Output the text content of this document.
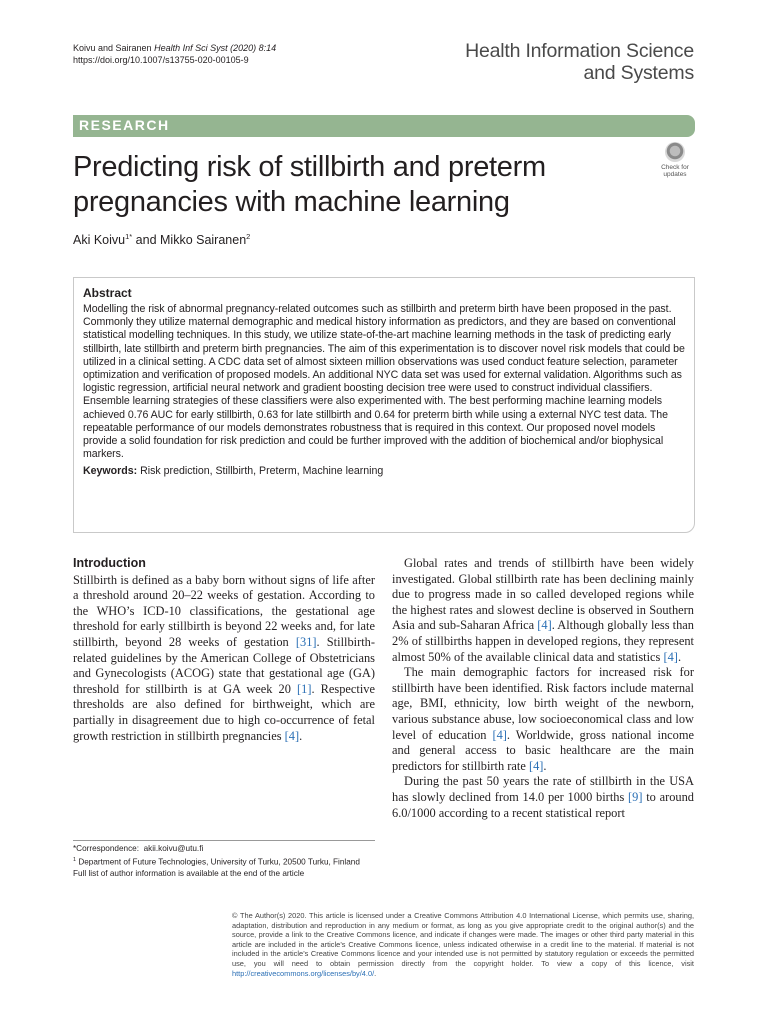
Koivu and Sairanen Health Inf Sci Syst (2020) 8:14
https://doi.org/10.1007/s13755-020-00105-9	Health Information Science
and Systems
RESEARCH
Predicting risk of stillbirth and preterm pregnancies with machine learning
Check for
updates
Aki Koivu$^{1*}$ and Mikko Sairanen$^2$
Abstract

Modelling the risk of abnormal pregnancy-related outcomes such as stillbirth and preterm birth have been proposed in the past. Commonly they utilize maternal demographic and medical history information as predictors, and they are based on conventional statistical modelling techniques. In this study, we utilize state-of-the-art machine learning methods in the task of predicting early stillbirth, late stillbirth and preterm birth pregnancies. The aim of this experimentation is to discover novel risk models that could be utilized in a clinical setting. A CDC data set of almost sixteen million observations was used conduct feature selection, parameter optimization and verification of proposed models. An additional NYC data set was used for external validation. Algorithms such as logistic regression, artificial neural network and gradient boosting decision tree were used to construct individual classifiers. Ensemble learning strategies of these classifiers were also experimented with. The best performing machine learning models achieved 0.76 AUC for early stillbirth, 0.63 for late stillbirth and 0.64 for preterm birth while using a external NYC test data. The repeatable performance of our models demonstrates robustness that is required in this context. Our proposed novel models provide a solid foundation for risk prediction and could be further improved with the addition of biochemical and/or biophysical markers.

Keywords: Risk prediction, Stillbirth, Preterm, Machine learning
Introduction

Stillbirth is defined as a baby born without signs of life after a threshold around 20–22 weeks of gestation. According to the WHO’s ICD-10 classifications, the gestational age threshold for early stillbirth is beyond 22 weeks and, for late stillbirth, beyond 28 weeks of gestation [31]. Stillbirth-related guidelines by the American College of Obstetricians and Gynecologists (ACOG) state that gestational age (GA) threshold for stillbirth is at GA week 20 [1]. Respective thresholds are also defined for birthweight, which are partially in disagreement due to high co-occurrence of fetal growth restriction in stillbirth pregnancies [4].

Global rates and trends of stillbirth have been widely investigated. Global stillbirth rate has been declining mainly due to progress made in so called developed regions while the highest rates and slowest decline is observed in Southern Asia and sub-Saharan Africa [4]. Although globally less than 2% of stillbirths happen in developed regions, they represent almost 50% of the available clinical data and statistics [4].

The main demographic factors for increased risk for stillbirth have been identified. Risk factors include maternal age, BMI, ethnicity, low birth weight of the newborn, various substance abuse, low socioeconomical class and low level of education [4]. Worldwide, gross national income and general access to basic healthcare are the main predictors for stillbirth rate [4].

During the past 50 years the rate of stillbirth in the USA has slowly declined from 14.0 per 1000 births [9] to around 6.0/1000 according to a recent statistical report

*Correspondence: akii.koivu@utu.fi
$^1$ Department of Future Technologies, University of Turku, 20500 Turku, Finland
Full list of author information is available at the end of the article
© The Author(s) 2020. This article is licensed under a Creative Commons Attribution 4.0 International License, which permits use, sharing, adaptation, distribution and reproduction in any medium or format, as long as you give appropriate credit to the original author(s) and the source, provide a link to the Creative Commons licence, and indicate if changes were made. The images or other third party material in this article are included in the article’s Creative Commons licence, unless indicated otherwise in a credit line to the material. If material is not included in the article’s Creative Commons licence and your intended use is not permitted by statutory regulation or exceeds the permitted use, you will need to obtain permission directly from the copyright holder. To view a copy of this licence, visit http://creativecommons.org/licenses/by/4.0/.
